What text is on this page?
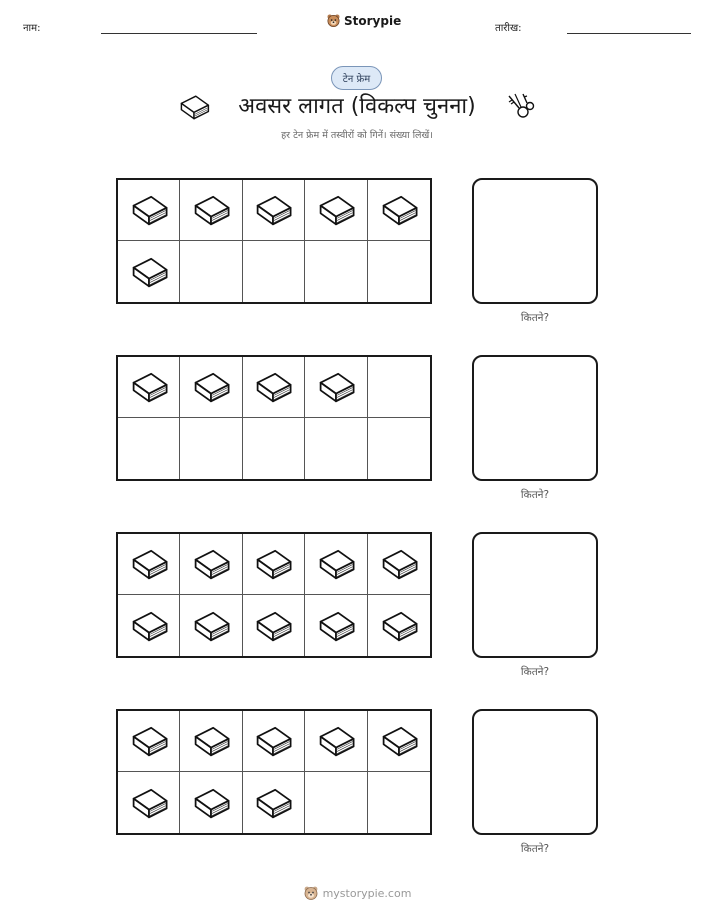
नाम:
Storypie
तारीख:
टेन फ्रेम
अवसर लागत (विकल्प चुनना)
हर टेन फ्रेम में तस्वीरों को गिनें। संख्या लिखें।
कितने?
कितने?
कितने?
कितने?
mystorypie.com
